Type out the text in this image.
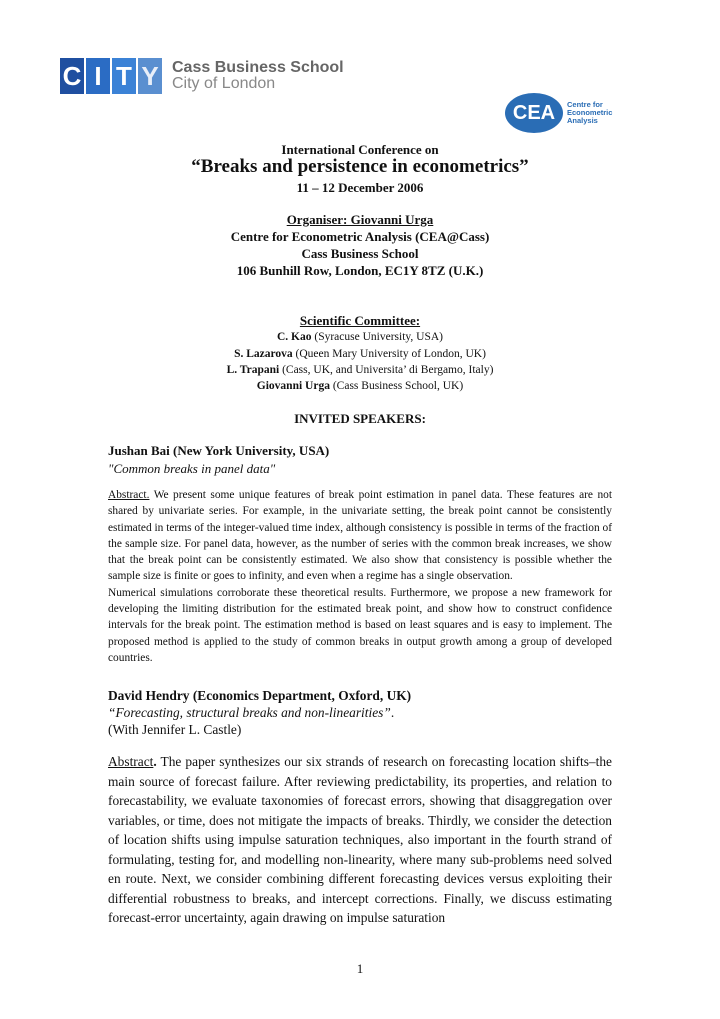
C I T Y Cass Business School
City of London
CEA	Centre for
Econometric
Analysis
International Conference on
“Breaks and persistence in econometrics”
11 – 12 December 2006
Organiser: Giovanni Urga
Centre for Econometric Analysis (CEA@Cass)
Cass Business School
106 Bunhill Row, London, EC1Y 8TZ (U.K.)
Scientific Committee:
C. Kao (Syracuse University, USA)
S. Lazarova (Queen Mary University of London, UK)
L. Trapani (Cass, UK, and Universita’ di Bergamo, Italy)
Giovanni Urga (Cass Business School, UK)
INVITED SPEAKERS:
Jushan Bai (New York University, USA)
"Common breaks in panel data"

Abstract. We present some unique features of break point estimation in panel data. These features are not shared by univariate series. For example, in the univariate setting, the break point cannot be consistently estimated in terms of the integer-valued time index, although consistency is possible in terms of the fraction of the sample size. For panel data, however, as the number of series with the common break increases, we show that the break point can be consistently estimated. We also show that consistency is possible whether the sample size is finite or goes to infinity, and even when a regime has a single observation.

Numerical simulations corroborate these theoretical results. Furthermore, we propose a new framework for developing the limiting distribution for the estimated break point, and show how to construct confidence intervals for the break point. The estimation method is based on least squares and is easy to implement. The proposed method is applied to the study of common breaks in output growth among a group of developed countries.

David Hendry (Economics Department, Oxford, UK)
“Forecasting, structural breaks and non-linearities”.
(With Jennifer L. Castle)

Abstract. The paper synthesizes our six strands of research on forecasting location shifts–the main source of forecast failure. After reviewing predictability, its properties, and relation to forecastability, we evaluate taxonomies of forecast errors, showing that disaggregation over variables, or time, does not mitigate the impacts of breaks. Thirdly, we consider the detection of location shifts using impulse saturation techniques, also important in the fourth strand of formulating, testing for, and modelling non-linearity, where many sub-problems need solved en route. Next, we consider combining different forecasting devices versus exploiting their differential robustness to breaks, and intercept corrections. Finally, we discuss estimating forecast-error uncertainty, again drawing on impulse saturation

1
